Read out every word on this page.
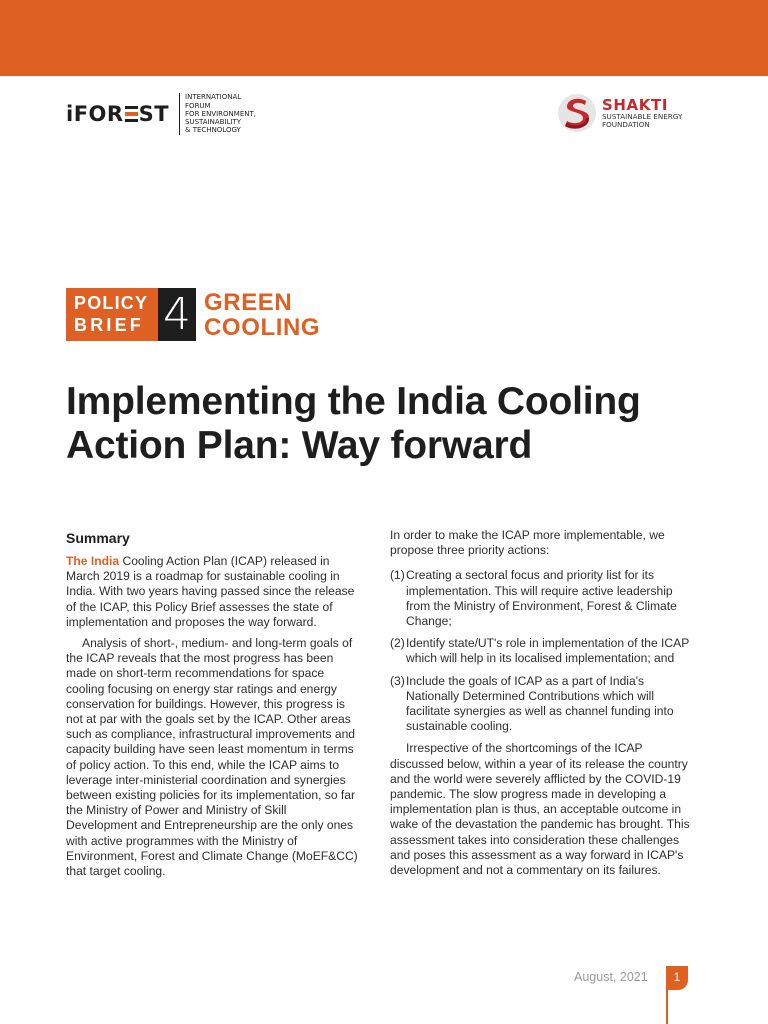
iFOR ST
INTERNATIONAL
FORUM
FOR ENVIRONMENT,
SUSTAINABILITY
& TECHNOLOGY
SHAKTI
SUSTAINABLE ENERGY
FOUNDATION
POLICY
BRIEF 4 GREEN
COOLING
Implementing the India Cooling
Action Plan: Way forward
Summary

The India Cooling Action Plan (ICAP) released in March 2019 is a roadmap for sustainable cooling in India. With two years having passed since the release of the ICAP, this Policy Brief assesses the state of implementation and proposes the way forward.

Analysis of short-, medium- and long-term goals of the ICAP reveals that the most progress has been made on short-term recommendations for space cooling focusing on energy star ratings and energy conservation for buildings. However, this progress is not at par with the goals set by the ICAP. Other areas such as compliance, infrastructural improvements and capacity building have seen least momentum in terms of policy action. To this end, while the ICAP aims to leverage inter-ministerial coordination and synergies between existing policies for its implementation, so far the Ministry of Power and Ministry of Skill Development and Entrepreneurship are the only ones with active programmes with the Ministry of Environment, Forest and Climate Change (MoEF&CC) that target cooling.

In order to make the ICAP more implementable, we propose three priority actions:

(1) Creating a sectoral focus and priority list for its implementation. This will require active leadership from the Ministry of Environment, Forest & Climate Change;
(2) Identify state/UT's role in implementation of the ICAP which will help in its localised implementation; and
(3) Include the goals of ICAP as a part of India's Nationally Determined Contributions which will facilitate synergies as well as channel funding into sustainable cooling.

Irrespective of the shortcomings of the ICAP discussed below, within a year of its release the country and the world were severely afflicted by the COVID-19 pandemic. The slow progress made in developing a implementation plan is thus, an acceptable outcome in wake of the devastation the pandemic has brought. This assessment takes into consideration these challenges and poses this assessment as a way forward in ICAP's development and not a commentary on its failures.

August, 2021	1
